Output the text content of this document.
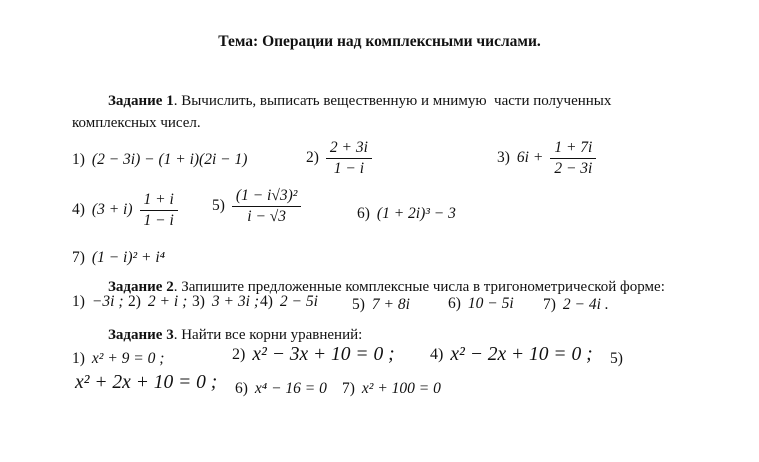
Тема: Операции над комплексными числами.

Задание 1. Вычислить, выписать вещественную и мнимую  части полученных комплексных чисел.

1) (2 − 3i) − (1 + i)(2i − 1)	$2) \frac{2 + 3i}{1 - i}$	3) $6i + \frac{1 + 7i}{2 - 3i}$
4) $(3 + i) \frac{1 + i}{1 - i} 5) \frac{\text{(1 − i√3)²}}{i - √3}$	6) (1 + 2i)³ − 3
7) (1 − i)² + i⁴

Задание 2. Запишите предложенные комплексные числа в тригонометрической форме:

1) −3i ; 2) 2 + i ; 3) 3 + 3i ; 4) 2 − 5i 5) 7 + 8i 6) 10 − 5i 7) 2 − 4i .

Задание 3. Найти все корни уравнений:

1) x² + 9 = 0 ;	2) x² − 3x + 10 = 0 ; 4) x² − 2x + 10 = 0 ; 5)
x² + 2x + 10 = 0 ; 6) x⁴ − 16 = 0 7) x² + 100 = 0
